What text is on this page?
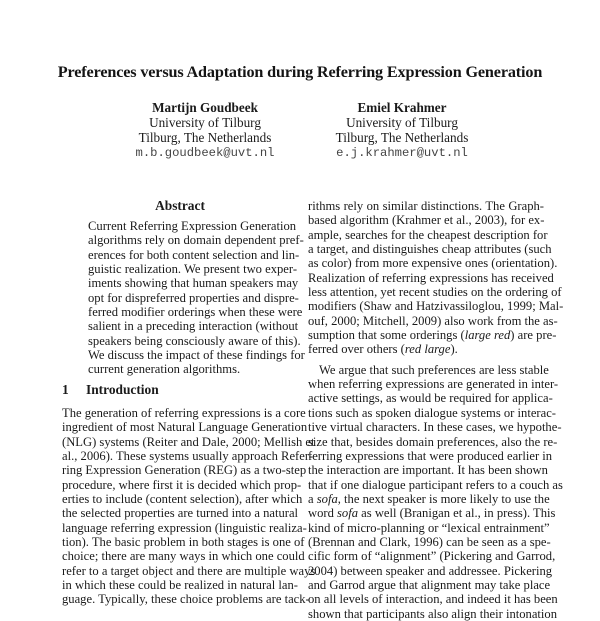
Preferences versus Adaptation during Referring Expression Generation
Martijn Goudbeek
University of Tilburg
Tilburg, The Netherlands
m.b.goudbeek@uvt.nl
Emiel Krahmer
University of Tilburg
Tilburg, The Netherlands
e.j.krahmer@uvt.nl
Abstract
Current Referring Expression Generation
algorithms rely on domain dependent pref-
erences for both content selection and lin-
guistic realization. We present two exper-
iments showing that human speakers may
opt for dispreferred properties and dispre-
ferred modifier orderings when these were
salient in a preceding interaction (without
speakers being consciously aware of this).
We discuss the impact of these findings for
current generation algorithms.
1 Introduction
The generation of referring expressions is a core
ingredient of most Natural Language Generation
(NLG) systems (Reiter and Dale, 2000; Mellish et
al., 2006). These systems usually approach Refer-
ring Expression Generation (REG) as a two-step
procedure, where first it is decided which prop-
erties to include (content selection), after which
the selected properties are turned into a natural
language referring expression (linguistic realiza-
tion). The basic problem in both stages is one of
choice; there are many ways in which one could
refer to a target object and there are multiple ways
in which these could be realized in natural lan-
guage. Typically, these choice problems are tack-
rithms rely on similar distinctions. The Graph-
based algorithm (Krahmer et al., 2003), for ex-
ample, searches for the cheapest description for
a target, and distinguishes cheap attributes (such
as color) from more expensive ones (orientation).
Realization of referring expressions has received
less attention, yet recent studies on the ordering of
modifiers (Shaw and Hatzivassiloglou, 1999; Mal-
ouf, 2000; Mitchell, 2009) also work from the as-
sumption that some orderings (large red) are pre-
ferred over others (red large).
We argue that such preferences are less stable
when referring expressions are generated in inter-
active settings, as would be required for applica-
tions such as spoken dialogue systems or interac-
tive virtual characters. In these cases, we hypothe-
size that, besides domain preferences, also the re-
ferring expressions that were produced earlier in
the interaction are important. It has been shown
that if one dialogue participant refers to a couch as
a sofa, the next speaker is more likely to use the
word sofa as well (Branigan et al., in press). This
kind of micro-planning or “lexical entrainment”
(Brennan and Clark, 1996) can be seen as a spe-
cific form of “alignment” (Pickering and Garrod,
2004) between speaker and addressee. Pickering
and Garrod argue that alignment may take place
on all levels of interaction, and indeed it has been
shown that participants also align their intonation
